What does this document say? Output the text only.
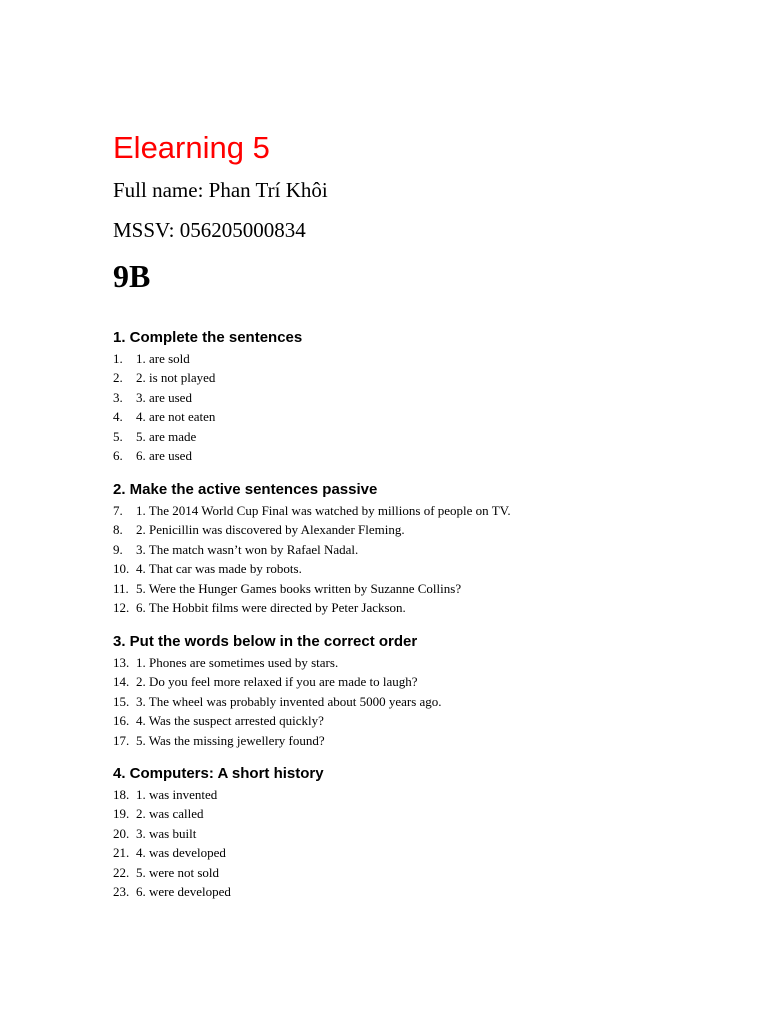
Elearning 5

Full name: Phan Trí Khôi

MSSV: 056205000834

9B

1. Complete the sentences

1. 1. are sold
2. 2. is not played
3. 3. are used
4. 4. are not eaten
5. 5. are made
6. 6. are used

2. Make the active sentences passive

7. 1. The 2014 World Cup Final was watched by millions of people on TV.
8. 2. Penicillin was discovered by Alexander Fleming.
9. 3. The match wasn’t won by Rafael Nadal.
10. 4. That car was made by robots.
11. 5. Were the Hunger Games books written by Suzanne Collins?
12. 6. The Hobbit films were directed by Peter Jackson.

3. Put the words below in the correct order

13. 1. Phones are sometimes used by stars.
14. 2. Do you feel more relaxed if you are made to laugh?
15. 3. The wheel was probably invented about 5000 years ago.
16. 4. Was the suspect arrested quickly?
17. 5. Was the missing jewellery found?

4. Computers: A short history

18. 1. was invented
19. 2. was called
20. 3. was built
21. 4. was developed
22. 5. were not sold
23. 6. were developed
